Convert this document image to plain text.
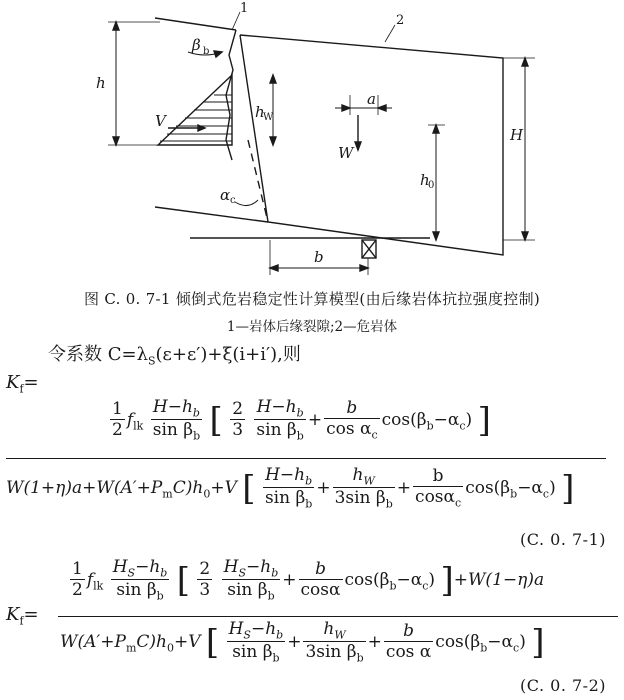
1
2
β b
h
h
W
V
a
W
h
0
H
α c
b
图 C. 0. 7-1 倾倒式危岩稳定性计算模型(由后缘岩体抗拉强度控制)
1—岩体后缘裂隙;2—危岩体
令系数 $C=\lambda_S(\varepsilon+\varepsilon')+\xi(i+i')$,则
$K_f=$
$\frac{1}{2} f_{lk} \frac{H-h_b}{\sin \beta_b}$ [ $\frac{2}{3}$
$\frac{H-h_b}{\sin \beta_b} + \frac{b}{\cos \alpha_c} \cos(\beta_b-\alpha_c)$ ]
$W(1+\eta)a+W(A'+P_mC)h_0+V$ [ $\frac{H-h_b}{\sin \beta_b} + \frac{h_W}{3\sin \beta_b} + \frac{b}{\cos\alpha_c} \cos(\beta_b-\alpha_c)$ ]
(C. 0. 7-1)
$\frac{1}{2} f_{lk} \frac{H_S-h_b}{\sin \beta_b}$ [ $\frac{2}{3}$
$\frac{H_S-h_b}{\sin \beta_b} + \frac{b}{\cos\alpha} \cos(\beta_b-\alpha_c)$ ]+W(1−η)a
$K_f=$
$W(A'+P_mC)h_0+V$ [ $\frac{H_S-h_b}{\sin \beta_b} + \frac{h_W}{3\sin \beta_b} + \frac{b}{\text{cos α}} \cos(\beta_b-\alpha_c)$ ]
(C. 0. 7-2)
